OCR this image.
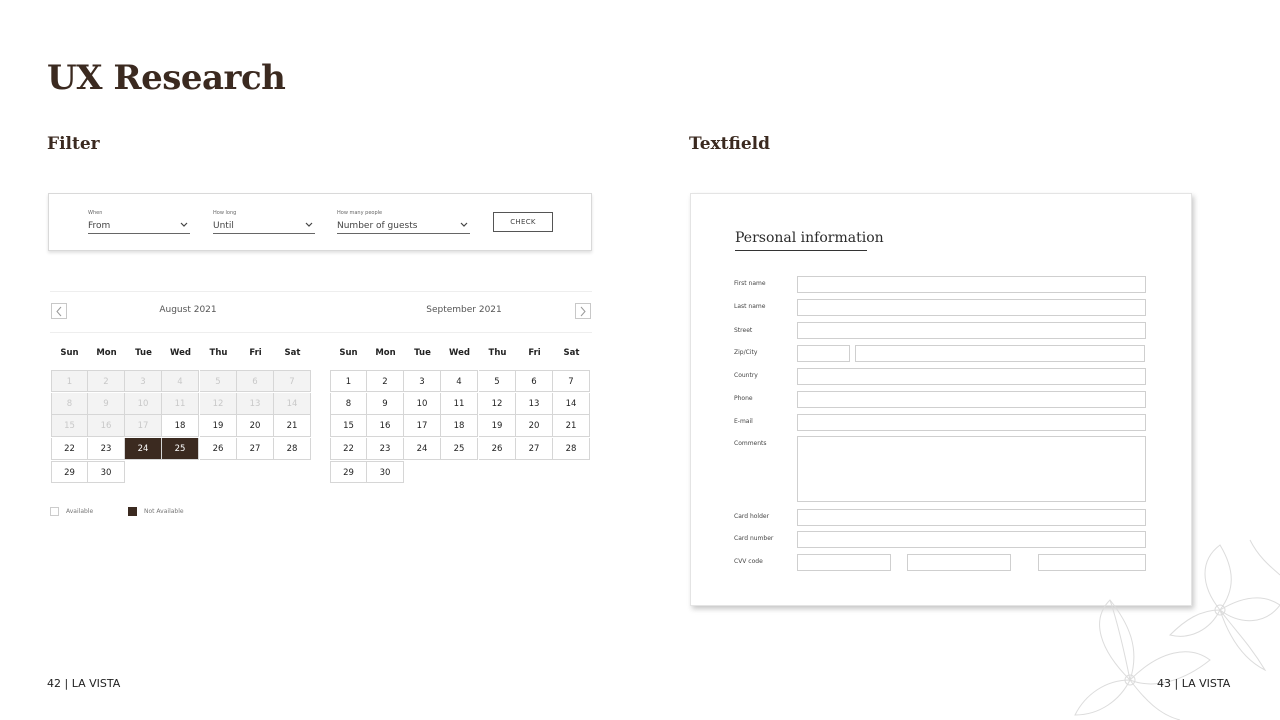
UX Research
Filter	Textfield
When
From
How long
Until
How many people
Number of guests	CHECK
August 2021	September 2021
Sun	Mon	Tue	Wed	Thu	Fri	Sat
1	2	3	4	5	6	7
8	9	10	11	12	13	14
15	16	17	18	19	20	21
22	23	24	25	26	27	28
29	30
Sun	Mon	Tue	Wed	Thu	Fri	Sat
1	2	3	4	5	6	7
8	9	10	11	12	13	14
15	16	17	18	19	20	21
22	23	24	25	26	27	28
29	30
Available	Not Available
Personal information
First name
Last name
Street
Zip/City
Country
Phone
E-mail
Comments
Card holder
Card number
CVV code
42 | LA VISTA	43 | LA VISTA
